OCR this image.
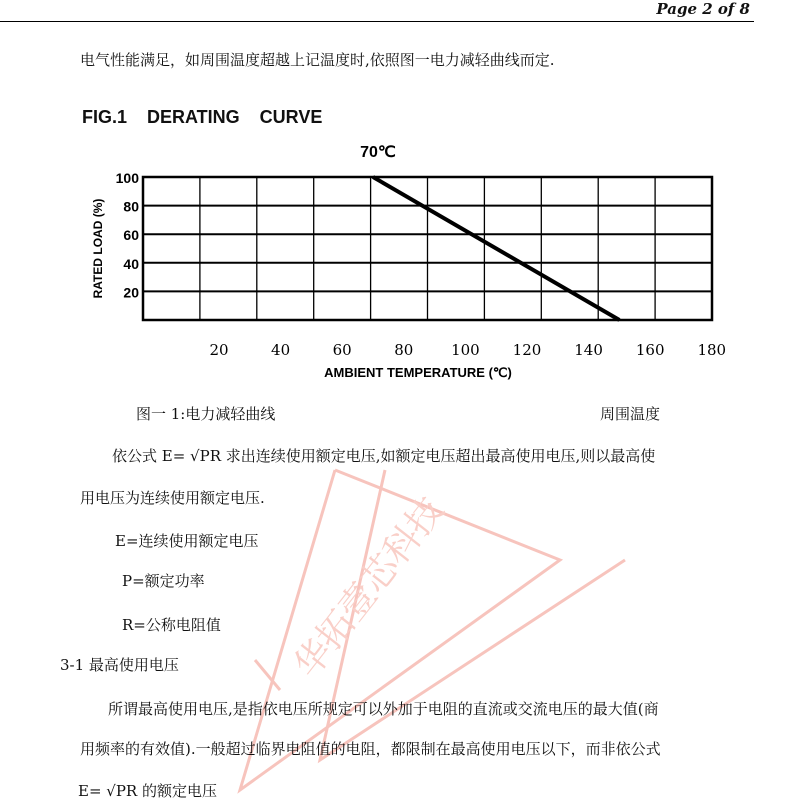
华拓壹芯科技
Page 2 of 8
电气性能满足，如周围温度超越上记温度时,依照图一电力减轻曲线而定.
FIG.1    DERATING    CURVE
100
80
60
40
20
20	40	60	80	100 120 140 160 180
70℃
AMBIENT TEMPERATURE (℃)
RATED LOAD (%)
图一 1:电力减轻曲线	周围温度
依公式 E= √PR 求出连续使用额定电压,如额定电压超出最高使用电压,则以最高使
用电压为连续使用额定电压.
E=连续使用额定电压
P=额定功率
R=公称电阻值
3-1 最高使用电压
所谓最高使用电压,是指依电压所规定可以外加于电阻的直流或交流电压的最大值(商
用频率的有效值).一般超过临界电阻值的电阻，都限制在最高使用电压以下，而非依公式
E= √PR 的额定电压
